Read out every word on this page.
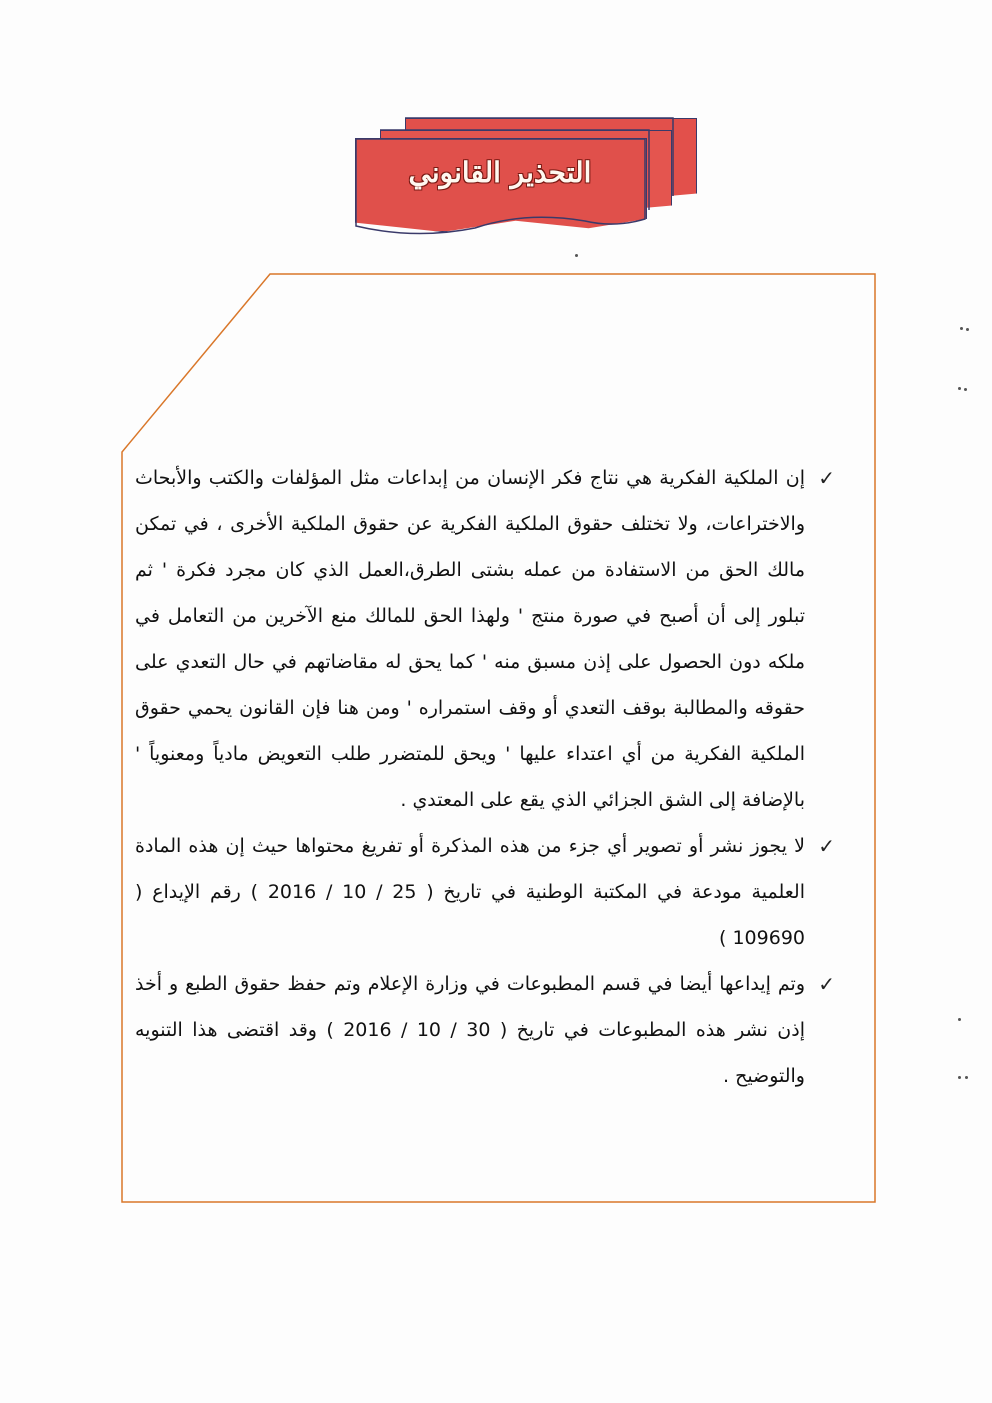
التحذير القانوني

✓
إن الملكية الفكرية هي نتاج فكر الإنسان من إبداعات مثل المؤلفات والكتب والأبحاث والاختراعات، ولا تختلف حقوق الملكية الفكرية عن حقوق الملكية الأخرى ، في تمكن مالك الحق من الاستفادة من عمله بشتى الطرق،العمل الذي كان مجرد فكرة ' ثم تبلور إلى أن أصبح في صورة منتج ' ولهذا الحق للمالك منع الآخرين من التعامل في ملكه دون الحصول على إذن مسبق منه ' كما يحق له مقاضاتهم في حال التعدي على حقوقه والمطالبة بوقف التعدي أو وقف استمراره ' ومن هنا فإن القانون يحمي حقوق الملكية الفكرية من أي اعتداء عليها ' ويحق للمتضرر طلب التعويض مادياً ومعنوياً ' بالإضافة إلى الشق الجزائي الذي يقع على المعتدي .

✓
لا يجوز نشر أو تصوير أي جزء من هذه المذكرة أو تفريغ محتواها حيث إن هذه المادة العلمية مودعة في المكتبة الوطنية في تاريخ ( 25 / 10 / 2016 ) رقم الإيداع ( 109690 )

✓
وتم إيداعها أيضا في قسم المطبوعات في وزارة الإعلام وتم حفظ حقوق الطبع و أخذ إذن نشر هذه المطبوعات في تاريخ ( 30 / 10 / 2016 ) وقد اقتضى هذا التنويه والتوضيح .
